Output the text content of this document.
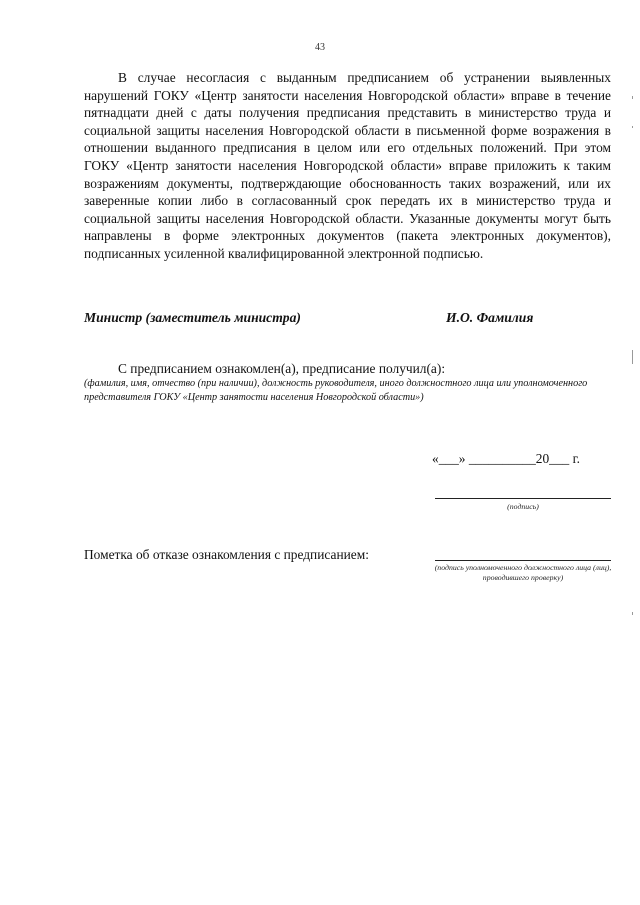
43

В случае несогласия с выданным предписанием об устранении выявленных нарушений ГОКУ «Центр занятости населения Новгородской области» вправе в течение пятнадцати дней с даты получения предписания представить в министерство труда и социальной защиты населения Новгородской области в письменной форме возражения в отношении выданного предписания в целом или его отдельных положений. При этом ГОКУ «Центр занятости населения Новгородской области» вправе приложить к таким возражениям документы, подтверждающие обоснованность таких возражений, или их заверенные копии либо в согласованный срок передать их в министерство труда и социальной защиты населения Новгородской области. Указанные документы могут быть направлены в форме электронных документов (пакета электронных документов), подписанных усиленной квалифицированной электронной подписью.

Министр (заместитель министра)	И.О. Фамилия
С предписанием ознакомлен(а), предписание получил(а):
(фамилия, имя, отчество (при наличии), должность руководителя, иного должностного лица или уполномоченного представителя ГОКУ «Центр занятости населения Новгородской области»)
«___» __________20___ г.
(подпись)
Пометка об отказе ознакомления с предписанием:
(подпись уполномоченного должностного лица (лиц), проводившего проверку)
